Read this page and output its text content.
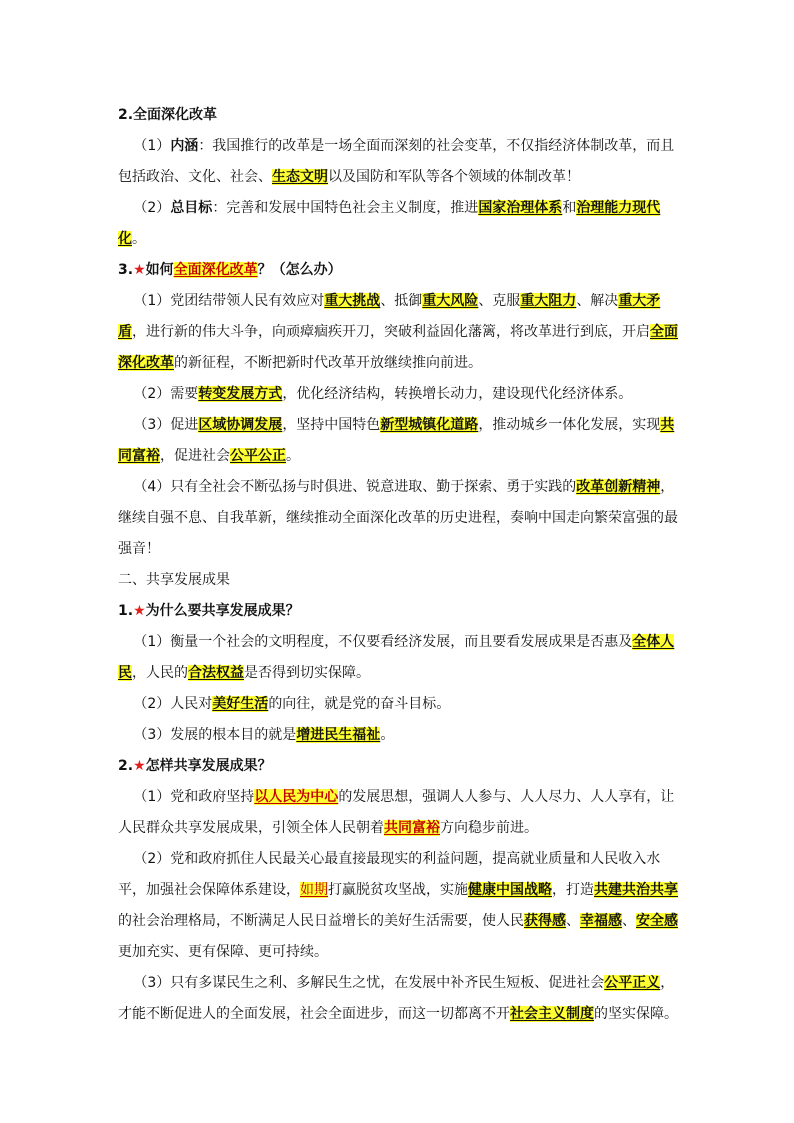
2.全面深化改革

（1）内涵：我国推行的改革是一场全面而深刻的社会变革，不仅指经济体制改革，而且包括政治、文化、社会、生态文明以及国防和军队等各个领域的体制改革！

（2）总目标：完善和发展中国特色社会主义制度，推进国家治理体系和治理能力现代化。

3.★如何全面深化改革？（怎么办）

（1）党团结带领人民有效应对重大挑战、抵御重大风险、克服重大阻力、解决重大矛盾，进行新的伟大斗争，向顽瘴痼疾开刀，突破利益固化藩篱，将改革进行到底，开启全面深化改革的新征程，不断把新时代改革开放继续推向前进。

（2）需要转变发展方式，优化经济结构，转换增长动力，建设现代化经济体系。

（3）促进区域协调发展，坚持中国特色新型城镇化道路，推动城乡一体化发展，实现共同富裕，促进社会公平公正。

（4）只有全社会不断弘扬与时俱进、锐意进取、勤于探索、勇于实践的改革创新精神，继续自强不息、自我革新，继续推动全面深化改革的历史进程，奏响中国走向繁荣富强的最强音！

二、共享发展成果

1.★为什么要共享发展成果？

（1）衡量一个社会的文明程度，不仅要看经济发展，而且要看发展成果是否惠及全体人民，人民的合法权益是否得到切实保障。

（2）人民对美好生活的向往，就是党的奋斗目标。

（3）发展的根本目的就是增进民生福祉。

2.★怎样共享发展成果？

（1）党和政府坚持以人民为中心的发展思想，强调人人参与、人人尽力、人人享有，让人民群众共享发展成果，引领全体人民朝着共同富裕方向稳步前进。

（2）党和政府抓住人民最关心最直接最现实的利益问题，提高就业质量和人民收入水平，加强社会保障体系建设，如期打赢脱贫攻坚战，实施健康中国战略，打造共建共治共享的社会治理格局，不断满足人民日益增长的美好生活需要，使人民获得感、幸福感、安全感更加充实、更有保障、更可持续。

（3）只有多谋民生之利、多解民生之忧，在发展中补齐民生短板、促进社会公平正义，才能不断促进人的全面发展，社会全面进步，而这一切都离不开社会主义制度的坚实保障。
